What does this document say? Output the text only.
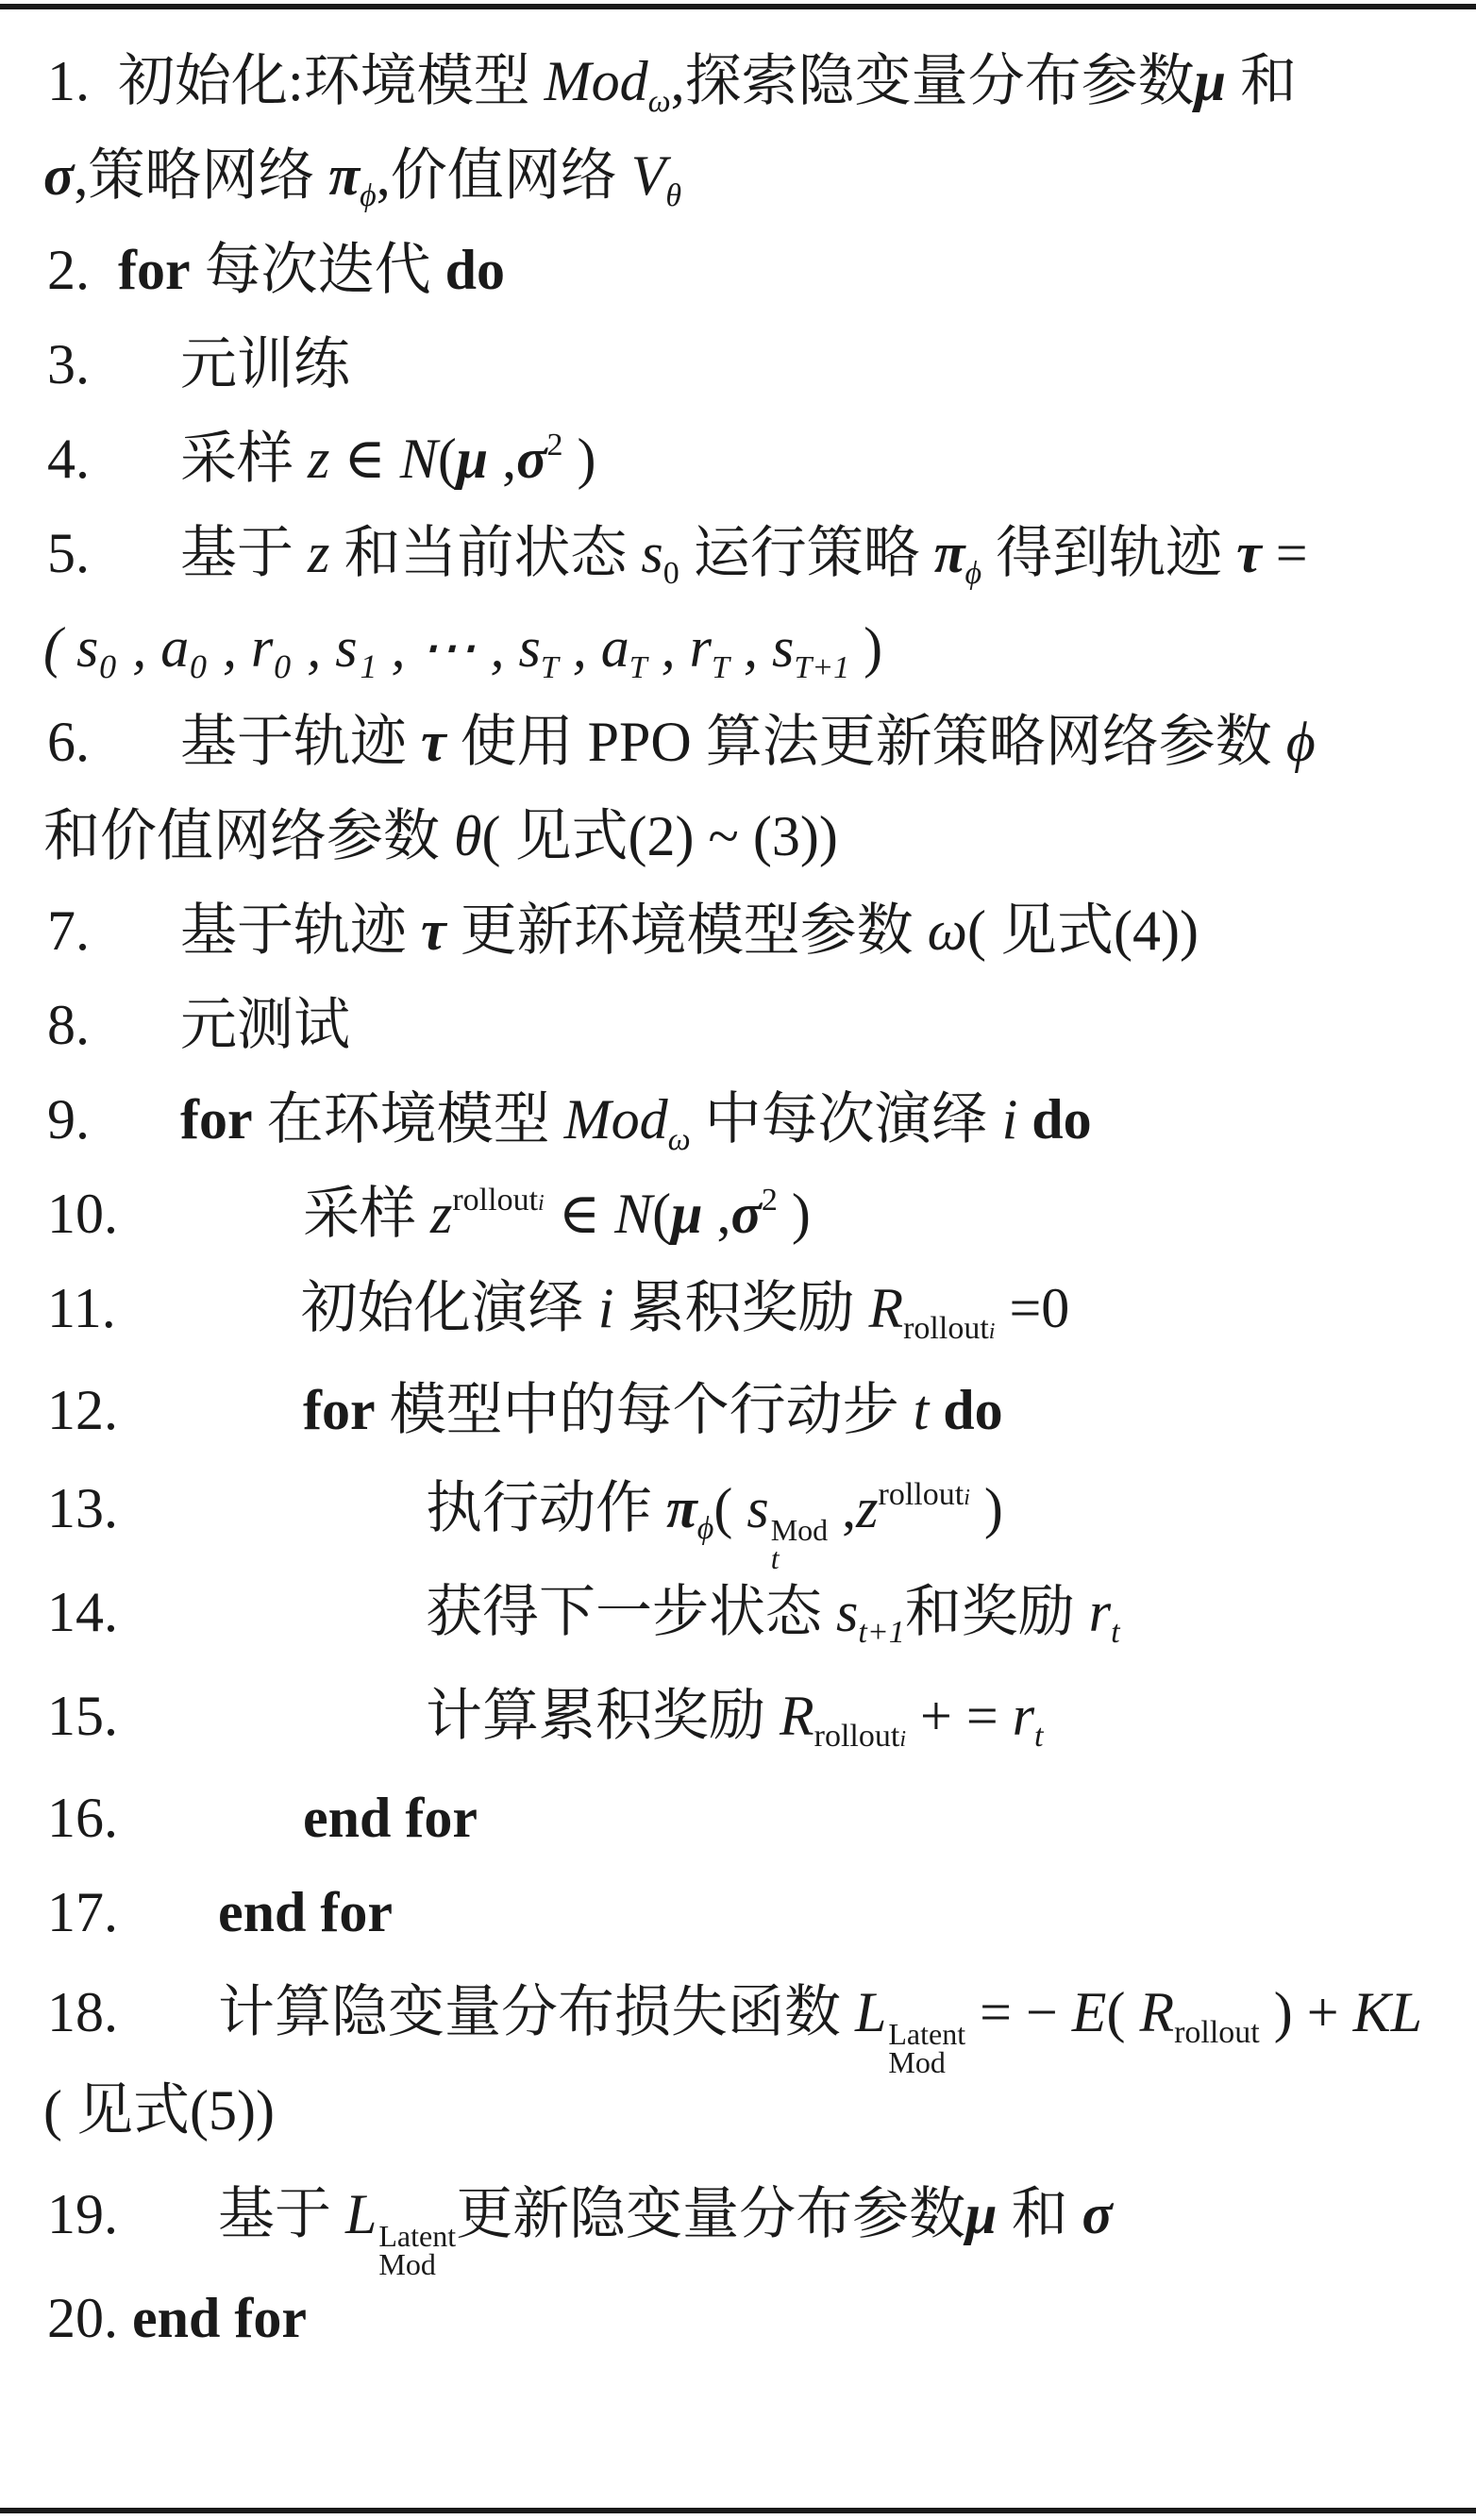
1. 初始化:环境模型 Mod$_\omega$,探索隐变量分布参数μ 和
σ,策略网络 $\pi_\phi$,价值网络 $V_\theta$
2. for 每次迭代 do
3. 元训练
4. 采样 z ∈ N(μ $,\sigma^2$ )
5. 基于 z 和当前状态 $s_0$ 运行策略 $\pi_\phi$ 得到轨迹 τ =
( s₀ , a₀ , r₀ , s₁ , ⋯ , $s_T$ , $a_T$ , $r_T$ , $s_{T+1}$ )
6. 基于轨迹 τ 使用 PPO 算法更新策略网络参数 ϕ
和价值网络参数 θ( 见式(2) ~ (3))
7. 基于轨迹 τ 更新环境模型参数 ω( 见式(4))
8. 元测试
9. for 在环境模型 Mod$_\omega$ 中每次演绎 i do
10.	采样 $z^{rollouti}$ ∈ N(μ $,\sigma^2$ )
11.	初始化演绎 i 累积奖励 $R_{rollouti} =0$
12.	for 模型中的每个行动步 t do
13.	执行动作 $\pi_\phi$( s Mod
t
$,z^{rollouti}$ )
14.	获得下一步状态 $s_{t+1}$和奖励 $r_t$
15.	计算累积奖励 $R_{rollouti}$ + = $r_t$
16.	end for
17. end for
18. 计算隐变量分布损失函数 L Latent
Mod
= − E( $R_{rollout}$ ) + KL
( 见式(5))
19. 基于 L Latent
Mod
更新隐变量分布参数μ 和 σ
20. end for
